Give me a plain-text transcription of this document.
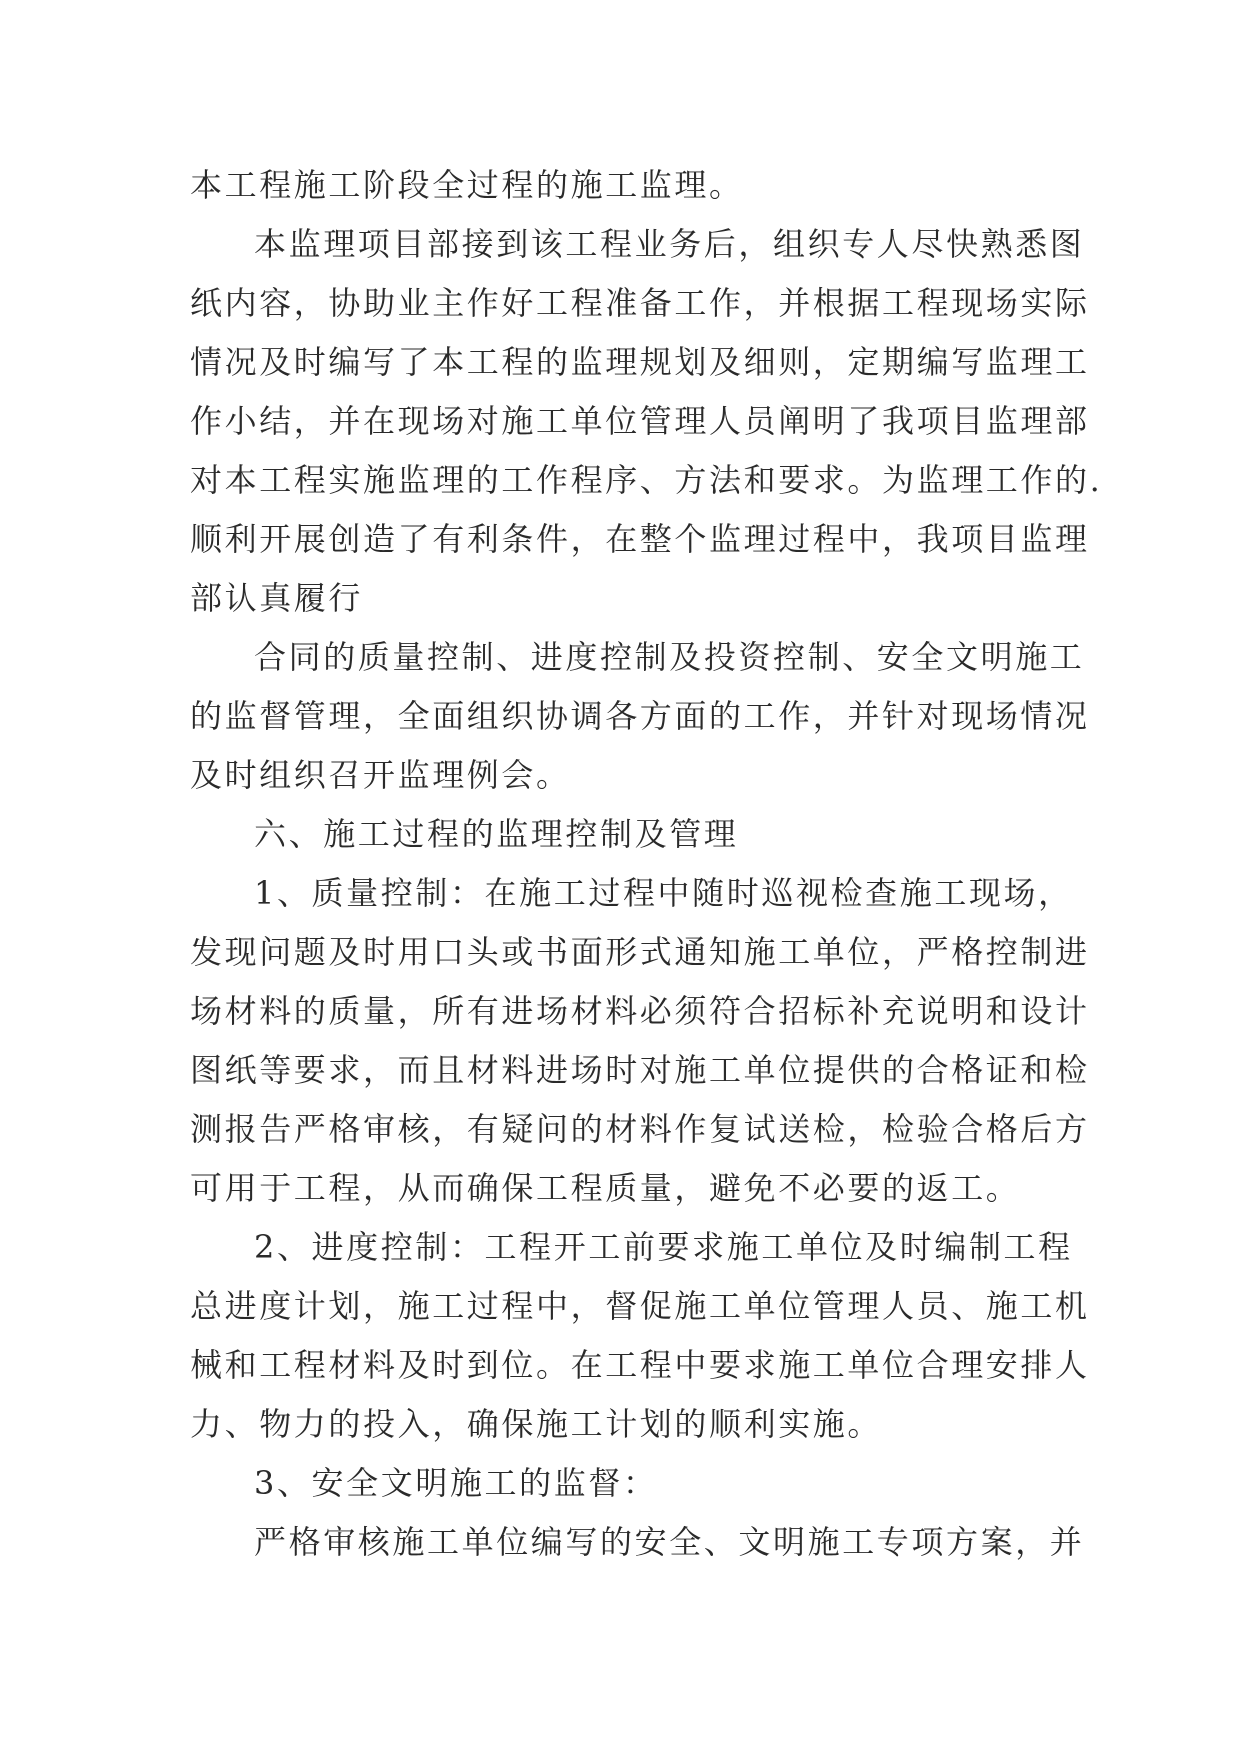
本工程施工阶段全过程的施工监理。
本监理项目部接到该工程业务后，组织专人尽快熟悉图
纸内容，协助业主作好工程准备工作，并根据工程现场实际
情况及时编写了本工程的监理规划及细则，定期编写监理工
作小结，并在现场对施工单位管理人员阐明了我项目监理部
对本工程实施监理的工作程序、方法和要求。为监理工作的.
顺利开展创造了有利条件，在整个监理过程中，我项目监理
部认真履行
合同的质量控制、进度控制及投资控制、安全文明施工
的监督管理，全面组织协调各方面的工作，并针对现场情况
及时组织召开监理例会。
六、施工过程的监理控制及管理
1、质量控制：在施工过程中随时巡视检查施工现场，
发现问题及时用口头或书面形式通知施工单位，严格控制进
场材料的质量，所有进场材料必须符合招标补充说明和设计
图纸等要求，而且材料进场时对施工单位提供的合格证和检
测报告严格审核，有疑问的材料作复试送检，检验合格后方
可用于工程，从而确保工程质量，避免不必要的返工。
2、进度控制：工程开工前要求施工单位及时编制工程
总进度计划，施工过程中，督促施工单位管理人员、施工机
械和工程材料及时到位。在工程中要求施工单位合理安排人
力、物力的投入，确保施工计划的顺利实施。
3、安全文明施工的监督：
严格审核施工单位编写的安全、文明施工专项方案，并
